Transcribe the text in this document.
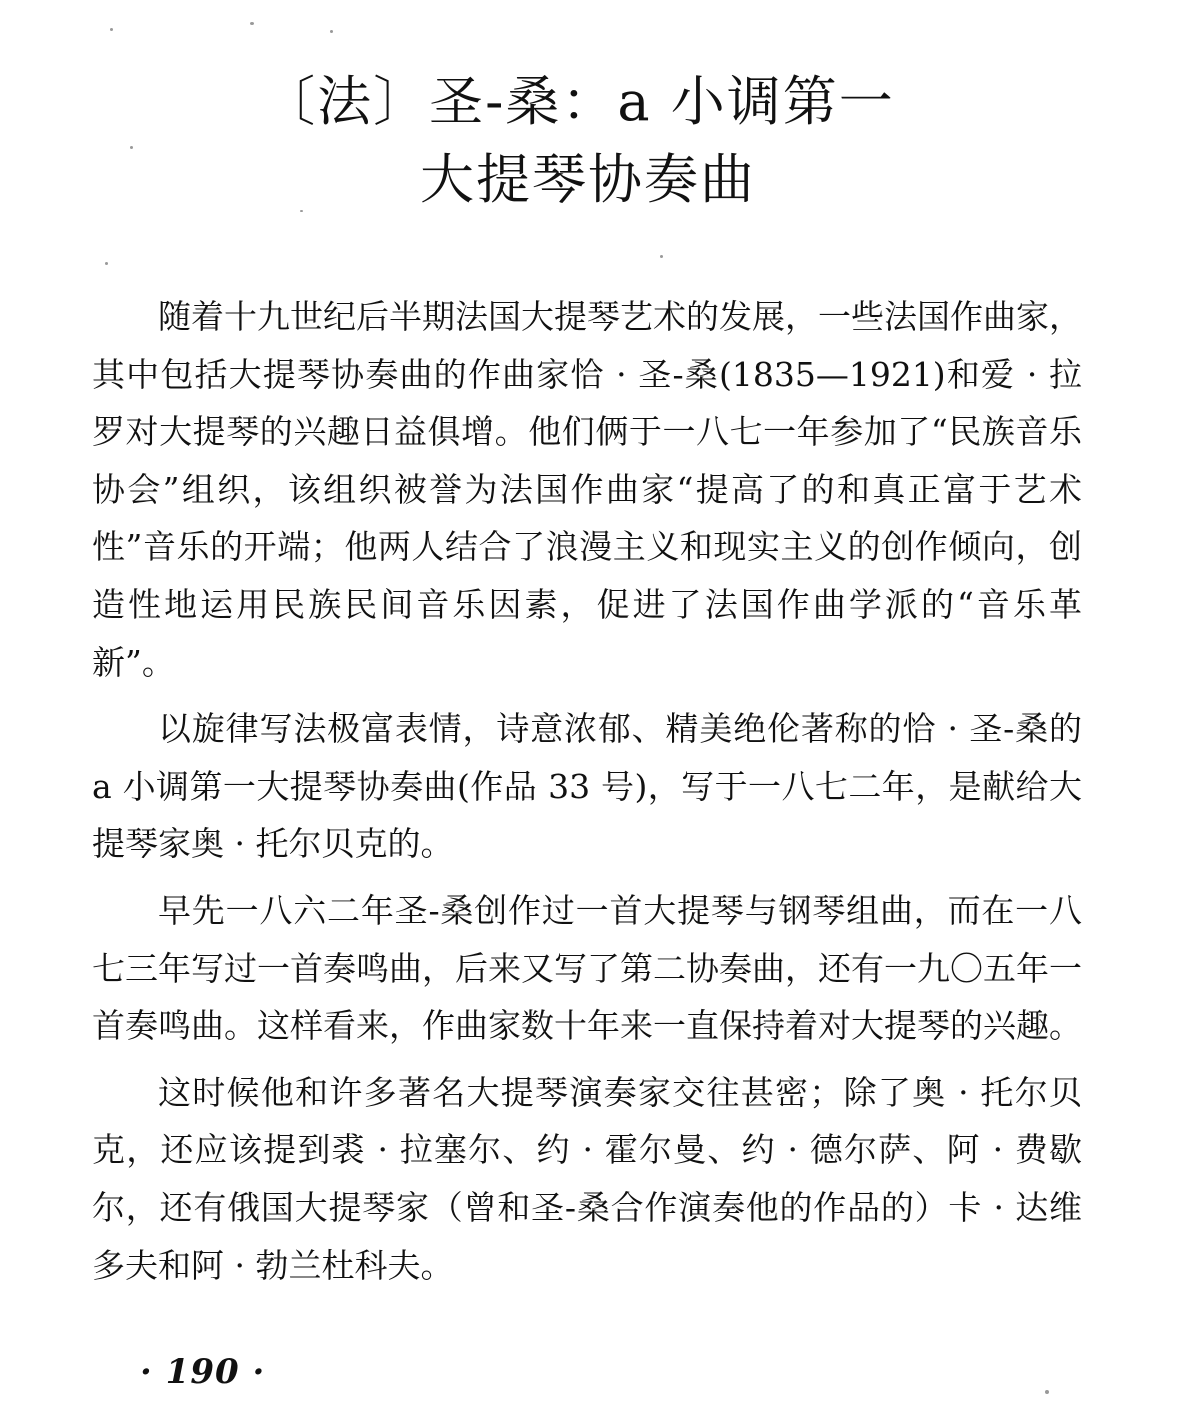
〔法〕圣-桑：a 小调第一
大提琴协奏曲

随着十九世纪后半期法国大提琴艺术的发展，一些法国作曲家，其中包括大提琴协奏曲的作曲家恰 · 圣-桑(1835—1921)和爱 · 拉罗对大提琴的兴趣日益俱增。他们俩于一八七一年参加了“民族音乐协会”组织，该组织被誉为法国作曲家“提高了的和真正富于艺术性”音乐的开端；他两人结合了浪漫主义和现实主义的创作倾向，创造性地运用民族民间音乐因素，促进了法国作曲学派的“音乐革新”。

以旋律写法极富表情，诗意浓郁、精美绝伦著称的恰 · 圣-桑的 a 小调第一大提琴协奏曲(作品 33 号)，写于一八七二年，是献给大提琴家奥 · 托尔贝克的。

早先一八六二年圣-桑创作过一首大提琴与钢琴组曲，而在一八七三年写过一首奏鸣曲，后来又写了第二协奏曲，还有一九〇五年一首奏鸣曲。这样看来，作曲家数十年来一直保持着对大提琴的兴趣。

这时候他和许多著名大提琴演奏家交往甚密；除了奥 · 托尔贝克，还应该提到裘 · 拉塞尔、约 · 霍尔曼、约 · 德尔萨、阿 · 费歇尔，还有俄国大提琴家（曾和圣-桑合作演奏他的作品的）卡 · 达维多夫和阿 · 勃兰杜科夫。

· 190 ·
